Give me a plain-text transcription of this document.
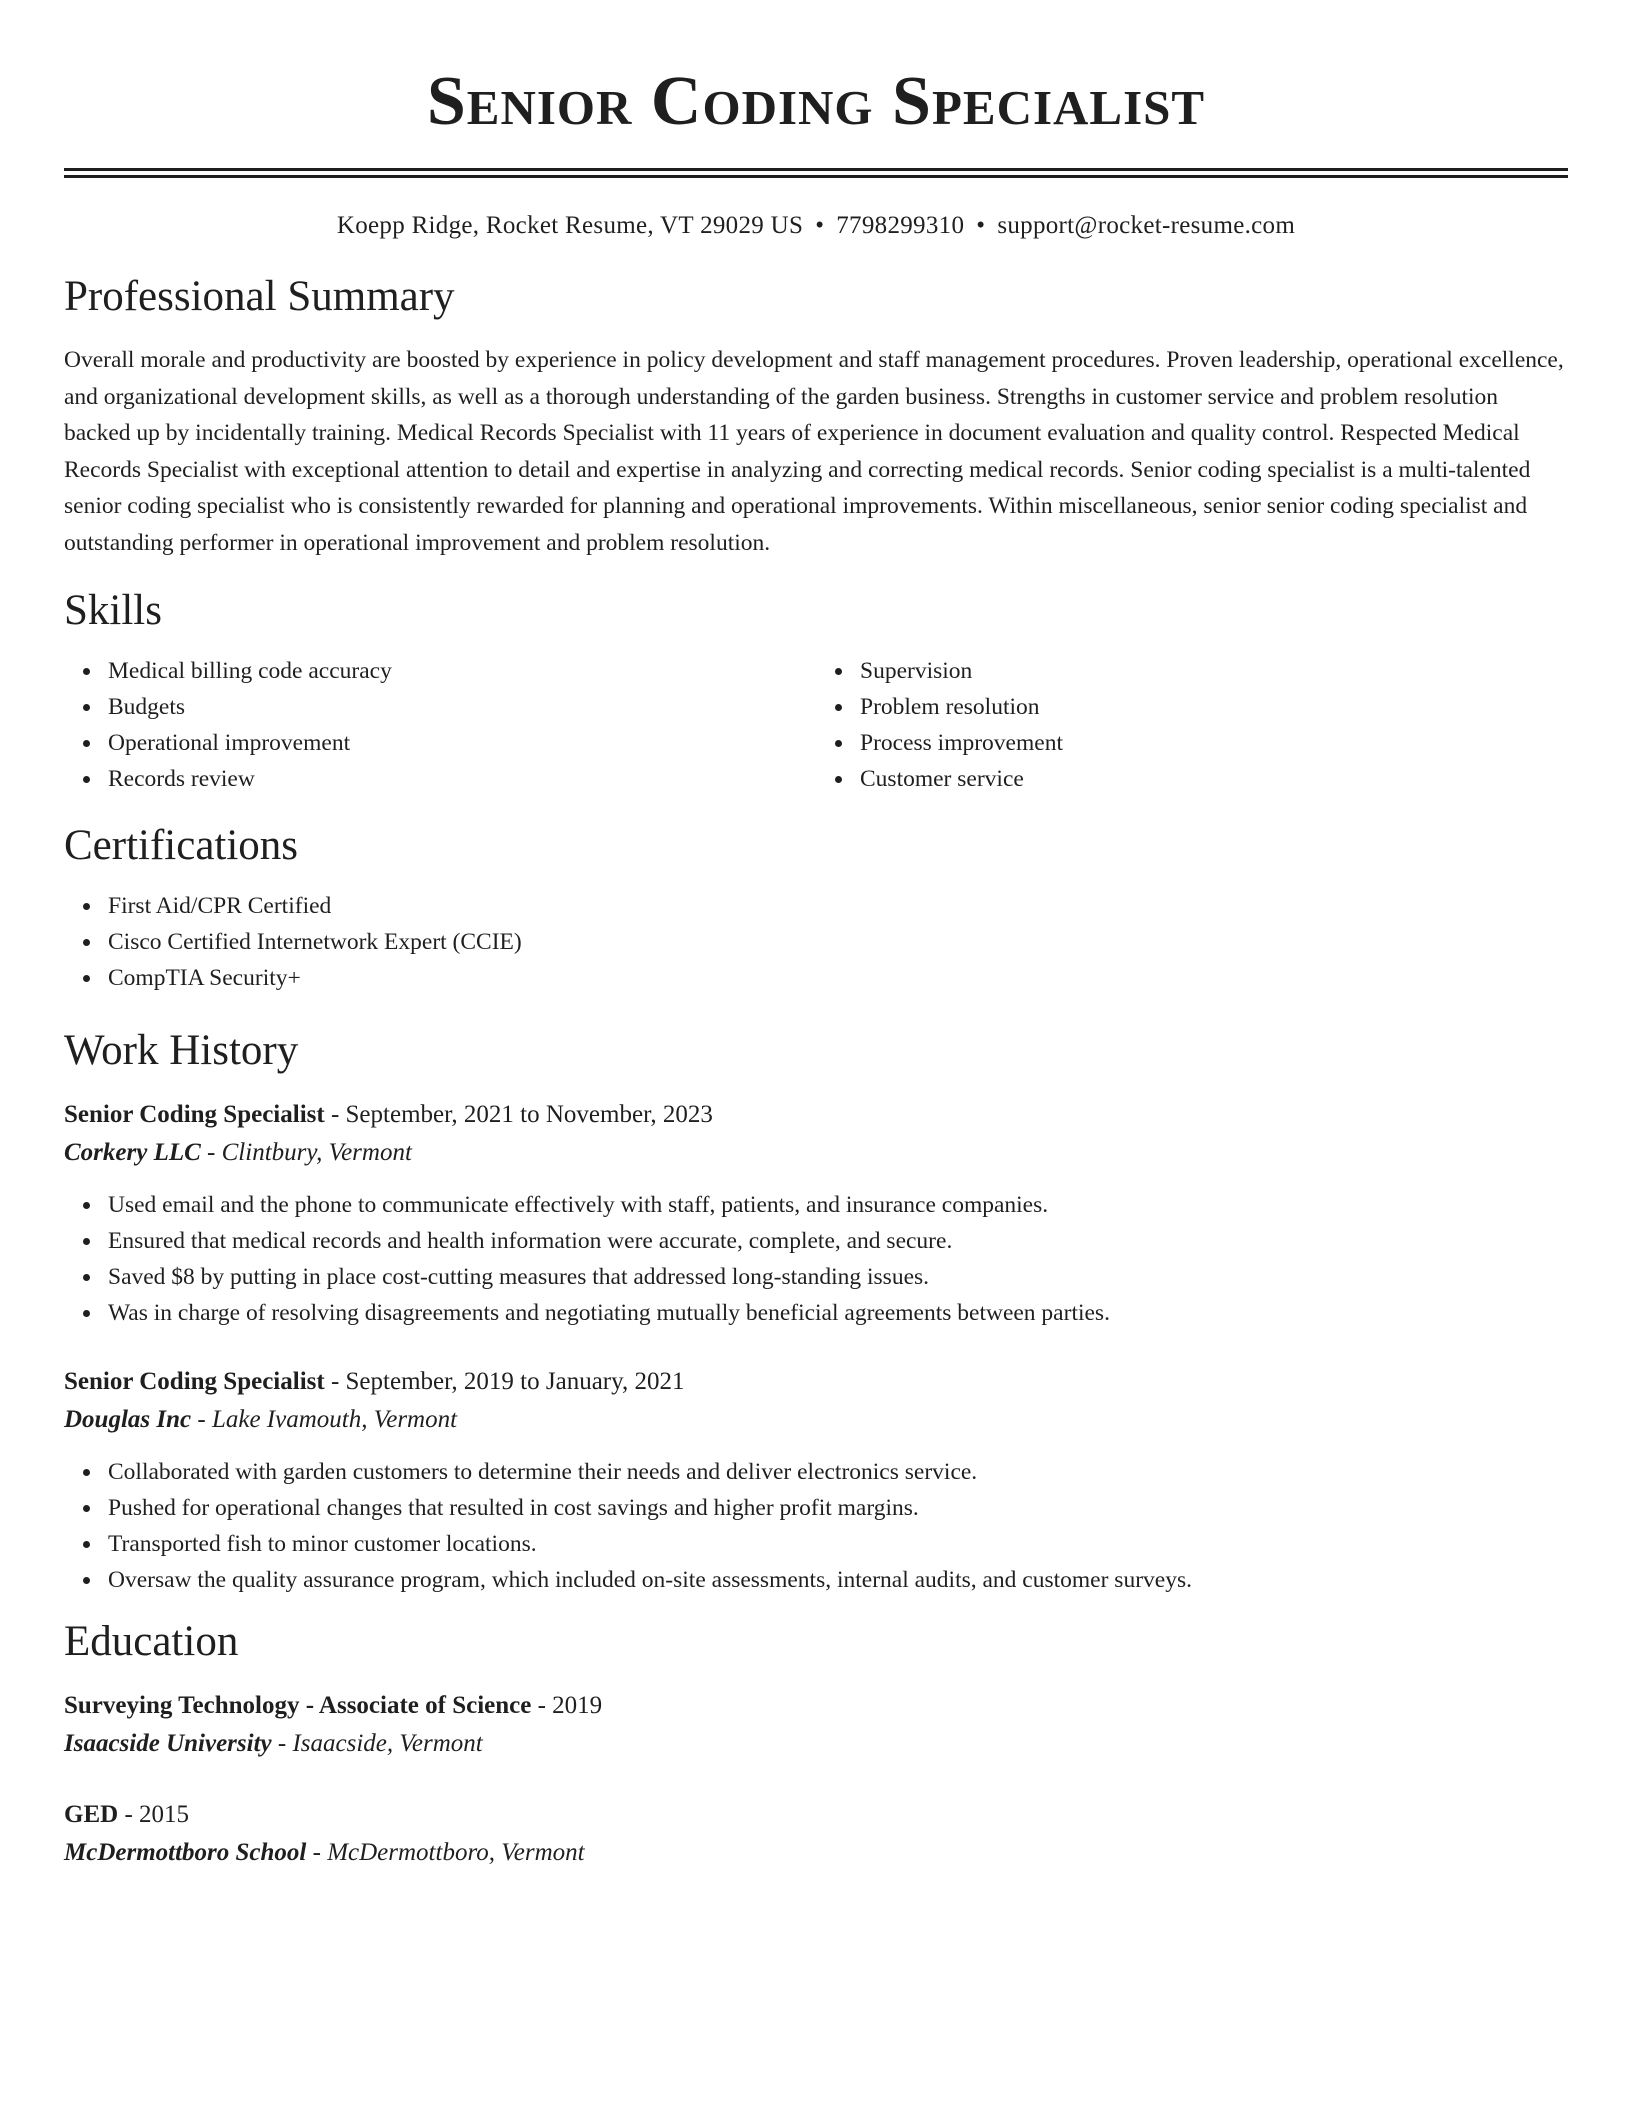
Senior Coding Specialist
Koepp Ridge, Rocket Resume, VT 29029 US • 7798299310 • support@rocket-resume.com
Professional Summary

Overall morale and productivity are boosted by experience in policy development and staff management procedures. Proven leadership, operational excellence, and organizational development skills, as well as a thorough understanding of the garden business. Strengths in customer service and problem resolution backed up by incidentally training. Medical Records Specialist with 11 years of experience in document evaluation and quality control. Respected Medical Records Specialist with exceptional attention to detail and expertise in analyzing and correcting medical records. Senior coding specialist is a multi-talented senior coding specialist who is consistently rewarded for planning and operational improvements. Within miscellaneous, senior senior coding specialist and outstanding performer in operational improvement and problem resolution.

Skills
Medical billing code accuracy
Budgets
Operational improvement
Records review
Supervision
Problem resolution
Process improvement
Customer service
Certifications
First Aid/CPR Certified
Cisco Certified Internetwork Expert (CCIE)
CompTIA Security+
Work History
Senior Coding Specialist - September, 2021 to November, 2023
Corkery LLC - Clintbury, Vermont
Used email and the phone to communicate effectively with staff, patients, and insurance companies.
Ensured that medical records and health information were accurate, complete, and secure.
Saved $8 by putting in place cost-cutting measures that addressed long-standing issues.
Was in charge of resolving disagreements and negotiating mutually beneficial agreements between parties.
Senior Coding Specialist - September, 2019 to January, 2021
Douglas Inc - Lake Ivamouth, Vermont
Collaborated with garden customers to determine their needs and deliver electronics service.
Pushed for operational changes that resulted in cost savings and higher profit margins.
Transported fish to minor customer locations.
Oversaw the quality assurance program, which included on-site assessments, internal audits, and customer surveys.
Education
Surveying Technology - Associate of Science - 2019
Isaacside University - Isaacside, Vermont
GED - 2015
McDermottboro School - McDermottboro, Vermont
